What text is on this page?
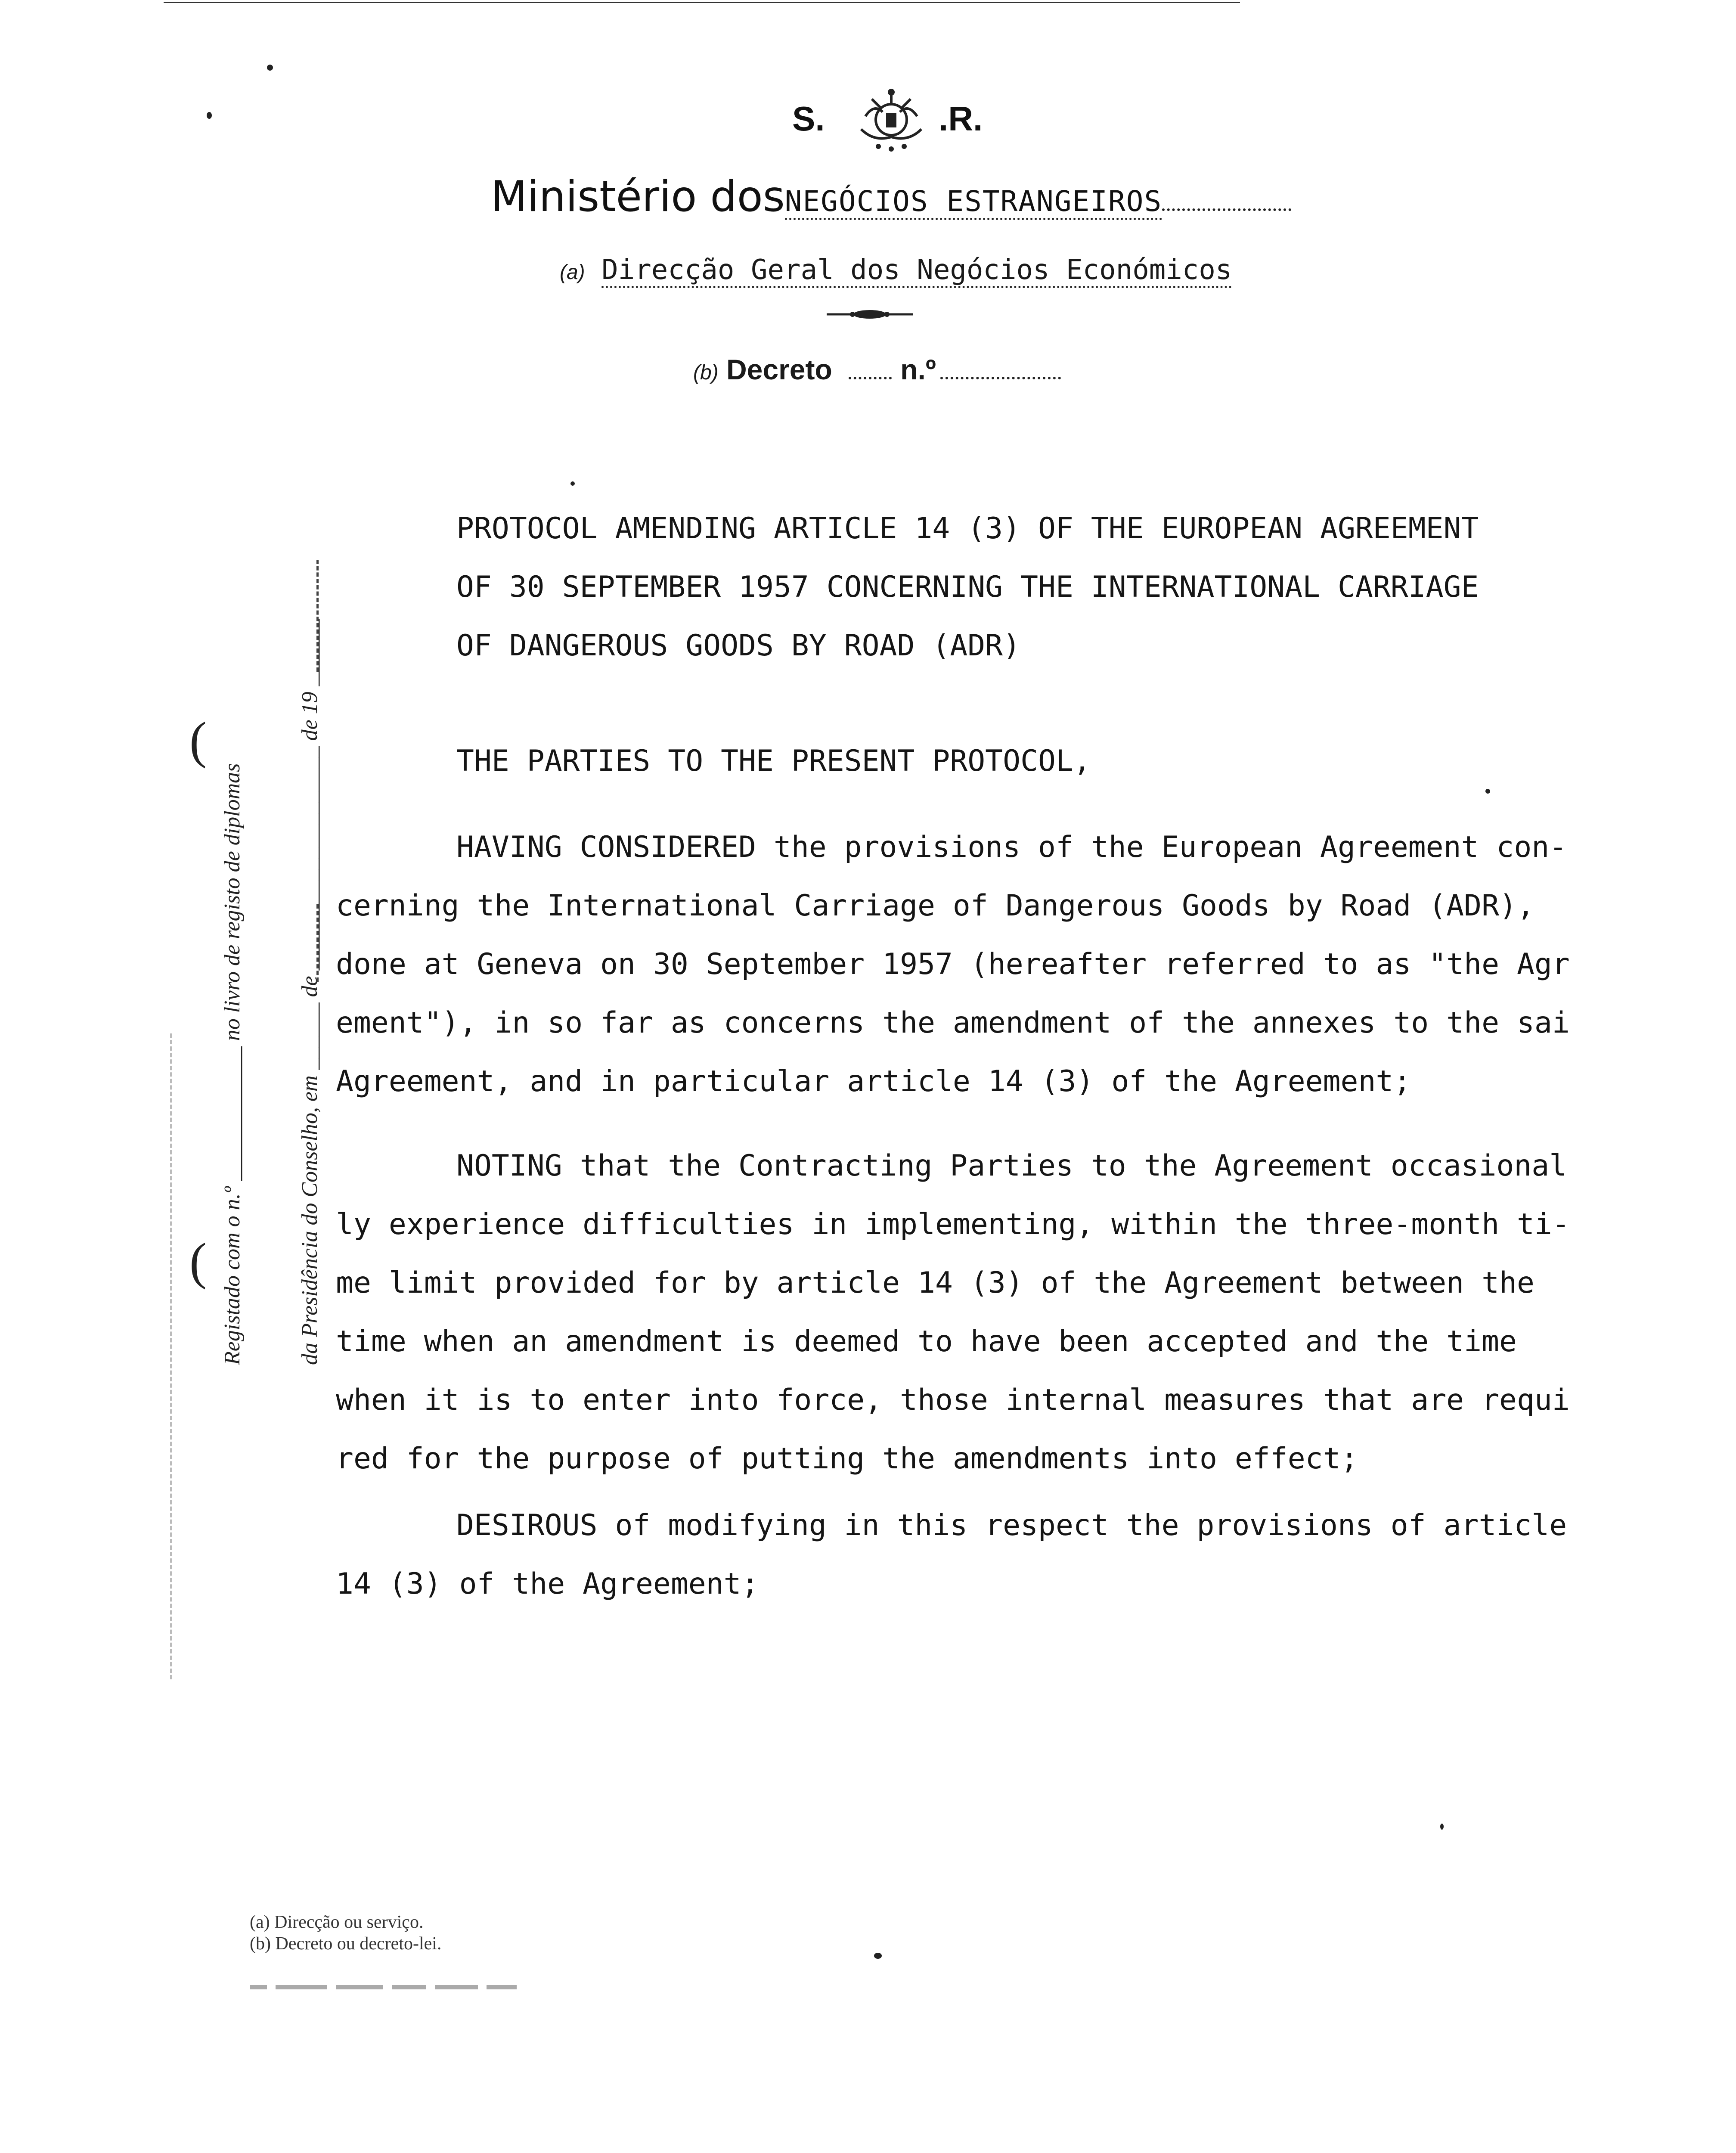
S.	.R.
Ministério dosNEGÓCIOS ESTRANGEIROS
(a) Direcção Geral dos Negócios Económicos
(b) Decreto n.º
Registado com o n.º ____________ no livro de registo de diplomas da Presidência do Conselho, em ______ de ____________________ de 19 ______
(
(
PROTOCOL AMENDING ARTICLE 14 (3) OF THE EUROPEAN AGREEMENT
OF 30 SEPTEMBER 1957 CONCERNING THE INTERNATIONAL CARRIAGE
OF DANGEROUS GOODS BY ROAD (ADR)
THE PARTIES TO THE PRESENT PROTOCOL,
HAVING CONSIDERED the provisions of the European Agreement con-
cerning the International Carriage of Dangerous Goods by Road (ADR),
done at Geneva on 30 September 1957 (hereafter referred to as "the Agr
ement"), in so far as concerns the amendment of the annexes to the sai
Agreement, and in particular article 14 (3) of the Agreement;
NOTING that the Contracting Parties to the Agreement occasional
ly experience difficulties in implementing, within the three-month ti-
me limit provided for by article 14 (3) of the Agreement between the
time when an amendment is deemed to have been accepted and the time
when it is to enter into force, those internal measures that are requi
red for the purpose of putting the amendments into effect;
DESIROUS of modifying in this respect the provisions of article
14 (3) of the Agreement;
(a) Direcção ou serviço.
(b) Decreto ou decreto-lei.
